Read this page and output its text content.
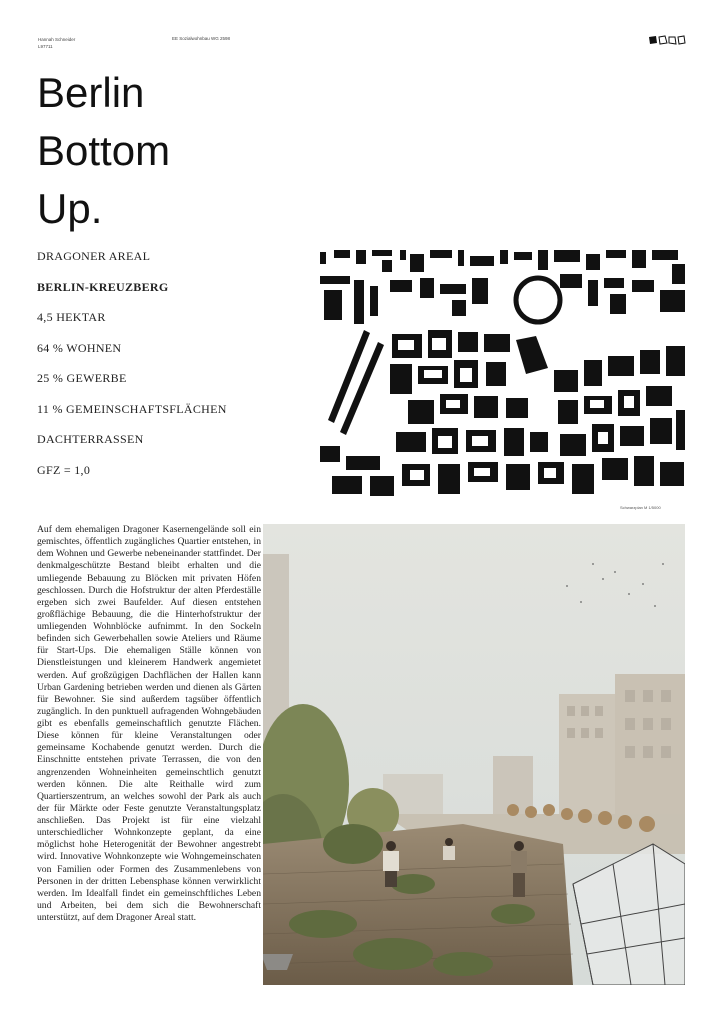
Hannah Schneider
L97711
EE Sozialwohnbau WG 2598
Berlin
Bottom
Up.
DRAGONER AREAL
BERLIN-KREUZBERG
4,5 HEKTAR
64 % WOHNEN
25 % GEWERBE
11 % GEMEINSCHAFTSFLÄCHEN
DACHTERRASSEN
GFZ = 1,0
Schwarzplan M 1/5000
Auf dem ehemaligen Dragoner Kasernengelände soll ein gemischtes, öffentlich zugängliches Quartier entstehen, in dem Wohnen und Gewerbe nebeneinander stattfindet. Der denkmalgeschützte Bestand bleibt erhalten und die umliegende Bebauung zu Blöcken mit privaten Höfen geschlossen. Durch die Hofstruktur der alten Pferdeställe ergeben sich zwei Baufelder. Auf diesen entstehen großflächige Bebauung, die die Hinterhofstruktur der umliegenden Wohnblöcke aufnimmt. In den Sockeln befinden sich Gewerbehallen sowie Ateliers und Räume für Start-Ups. Die ehemaligen Ställe können von Dienstleistungen und kleinerem Handwerk angemietet werden. Auf großzügigen Dachflächen der Hallen kann Urban Gardening betrieben werden und dienen als Gärten für Bewohner. Sie sind außerdem tagsüber öffentlich zugänglich. In den punktuell aufragenden Wohngebäuden gibt es ebenfalls gemeinschaftlich genutzte Flächen. Diese können für kleine Veranstaltungen oder gemeinsame Kochabende genutzt werden. Durch die Einschnitte entstehen private Terrassen, die von den angrenzenden Wohneinheiten gemeinschtlich genutzt werden können. Die alte Reithalle wird zum Quartierszentrum, an welches sowohl der Park als auch der für Märkte oder Feste genutzte Veranstaltungsplatz anschließen. Das Projekt ist für eine vielzahl unterschiedlicher Wohnkonzepte geplant, da eine möglichst hohe Heterogenität der Bewohner angestrebt wird. Innovative Wohnkonzepte wie Wohngemeinschaten von Familien oder Formen des Zusammenlebens von Personen in der dritten Lebensphase können verwirklicht werden. Im Idealfall findet ein gemeinschftliches Leben und Arbeiten, bei dem sich die Bewohnerschaft unterstützt, auf dem Dragoner Areal statt.
